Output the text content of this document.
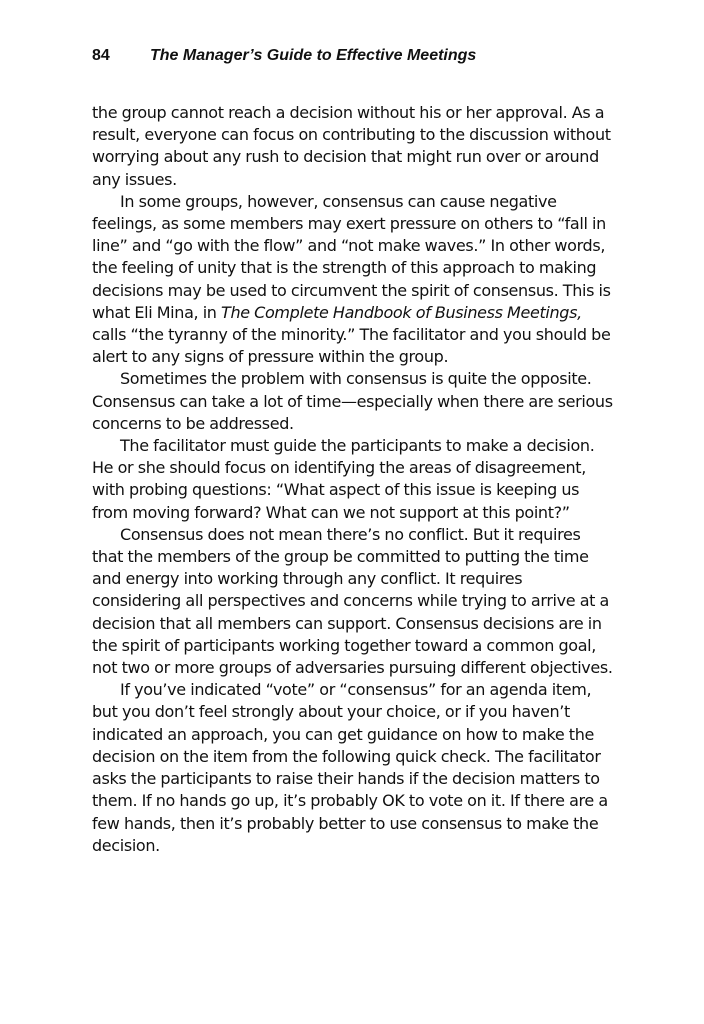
84	The Manager’s Guide to Effective Meetings

the group cannot reach a decision without his or her approval. As a result, everyone can focus on contributing to the discussion without worrying about any rush to decision that might run over or around any issues.

In some groups, however, consensus can cause negative feelings, as some members may exert pressure on others to “fall in line” and “go with the flow” and “not make waves.” In other words, the feeling of unity that is the strength of this approach to making decisions may be used to circumvent the spirit of consensus. This is what Eli Mina, in The Complete Handbook of Business Meetings, calls “the tyranny of the minority.” The facilitator and you should be alert to any signs of pressure within the group.

Sometimes the problem with consensus is quite the opposite. Consensus can take a lot of time—especially when there are serious concerns to be addressed.

The facilitator must guide the participants to make a decision. He or she should focus on identifying the areas of disagreement, with probing questions: “What aspect of this issue is keeping us from moving forward? What can we not support at this point?”

Consensus does not mean there’s no conflict. But it requires that the members of the group be committed to putting the time and energy into working through any conflict. It requires considering all perspectives and concerns while trying to arrive at a decision that all members can support. Consensus decisions are in the spirit of participants working together toward a common goal, not two or more groups of adversaries pursuing different objectives.

If you’ve indicated “vote” or “consensus” for an agenda item, but you don’t feel strongly about your choice, or if you haven’t indicated an approach, you can get guidance on how to make the decision on the item from the following quick check. The facilitator asks the participants to raise their hands if the decision matters to them. If no hands go up, it’s probably OK to vote on it. If there are a few hands, then it’s probably better to use consensus to make the decision.
